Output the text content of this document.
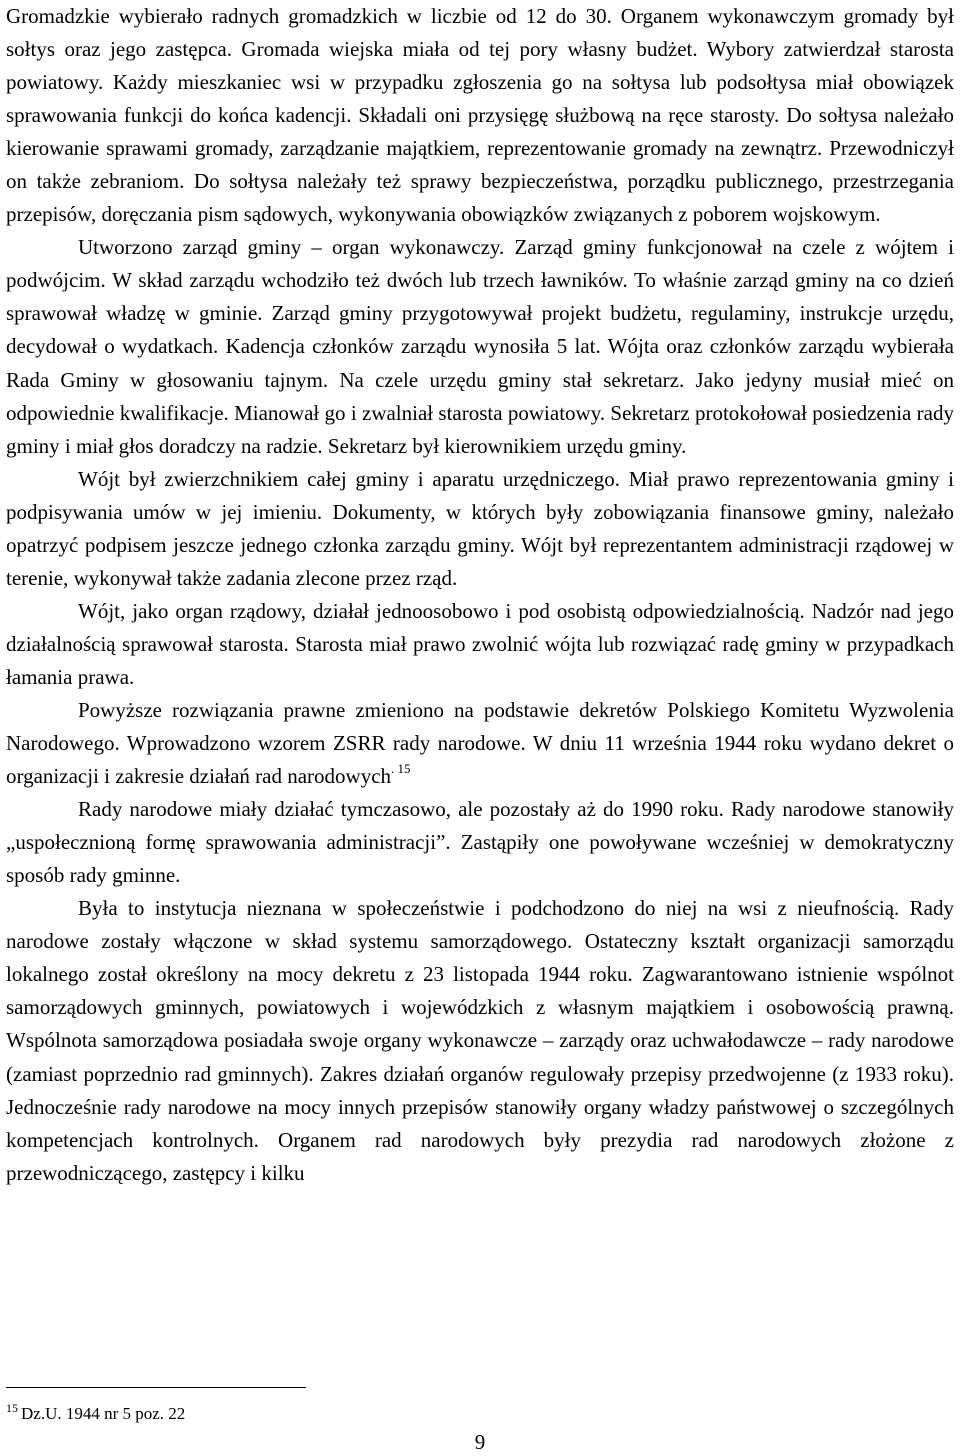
Gromadzkie wybierało radnych gromadzkich w liczbie od 12 do 30. Organem wykonawczym gromady był sołtys oraz jego zastępca. Gromada wiejska miała od tej pory własny budżet. Wybory zatwierdzał starosta powiatowy. Każdy mieszkaniec wsi w przypadku zgłoszenia go na sołtysa lub podsołtysa miał obowiązek sprawowania funkcji do końca kadencji. Składali oni przysięgę służbową na ręce starosty. Do sołtysa należało kierowanie sprawami gromady, zarządzanie majątkiem, reprezentowanie gromady na zewnątrz. Przewodniczył on także zebraniom. Do sołtysa należały też sprawy bezpieczeństwa, porządku publicznego, przestrzegania przepisów, doręczania pism sądowych, wykonywania obowiązków związanych z poborem wojskowym.

Utworzono zarząd gminy – organ wykonawczy. Zarząd gminy funkcjonował na czele z wójtem i podwójcim. W skład zarządu wchodziło też dwóch lub trzech ławników. To właśnie zarząd gminy na co dzień sprawował władzę w gminie. Zarząd gminy przygotowywał projekt budżetu, regulaminy, instrukcje urzędu, decydował o wydatkach. Kadencja członków zarządu wynosiła 5 lat. Wójta oraz członków zarządu wybierała Rada Gminy w głosowaniu tajnym. Na czele urzędu gminy stał sekretarz. Jako jedyny musiał mieć on odpowiednie kwalifikacje. Mianował go i zwalniał starosta powiatowy. Sekretarz protokołował posiedzenia rady gminy i miał głos doradczy na radzie. Sekretarz był kierownikiem urzędu gminy.

Wójt był zwierzchnikiem całej gminy i aparatu urzędniczego. Miał prawo reprezentowania gminy i podpisywania umów w jej imieniu. Dokumenty, w których były zobowiązania finansowe gminy, należało opatrzyć podpisem jeszcze jednego członka zarządu gminy. Wójt był reprezentantem administracji rządowej w terenie, wykonywał także zadania zlecone przez rząd.

Wójt, jako organ rządowy, działał jednoosobowo i pod osobistą odpowiedzialnością. Nadzór nad jego działalnością sprawował starosta. Starosta miał prawo zwolnić wójta lub rozwiązać radę gminy w przypadkach łamania prawa.

Powyższe rozwiązania prawne zmieniono na podstawie dekretów Polskiego Komitetu Wyzwolenia Narodowego. Wprowadzono wzorem ZSRR rady narodowe. W dniu 11 września 1944 roku wydano dekret o organizacji i zakresie działań rad narodowych$^{. 15}$

Rady narodowe miały działać tymczasowo, ale pozostały aż do 1990 roku. Rady narodowe stanowiły „uspołecznioną formę sprawowania administracji”. Zastąpiły one powoływane wcześniej w demokratyczny sposób rady gminne.

Była to instytucja nieznana w społeczeństwie i podchodzono do niej na wsi z nieufnością. Rady narodowe zostały włączone w skład systemu samorządowego. Ostateczny kształt organizacji samorządu lokalnego został określony na mocy dekretu z 23 listopada 1944 roku. Zagwarantowano istnienie wspólnot samorządowych gminnych, powiatowych i wojewódzkich z własnym majątkiem i osobowością prawną. Wspólnota samorządowa posiadała swoje organy wykonawcze – zarządy oraz uchwałodawcze – rady narodowe (zamiast poprzednio rad gminnych). Zakres działań organów regulowały przepisy przedwojenne (z 1933 roku). Jednocześnie rady narodowe na mocy innych przepisów stanowiły organy władzy państwowej o szczególnych kompetencjach kontrolnych. Organem rad narodowych były prezydia rad narodowych złożone z przewodniczącego, zastępcy i kilku

$^{15}$ Dz.U. 1944 nr 5 poz. 22
9
